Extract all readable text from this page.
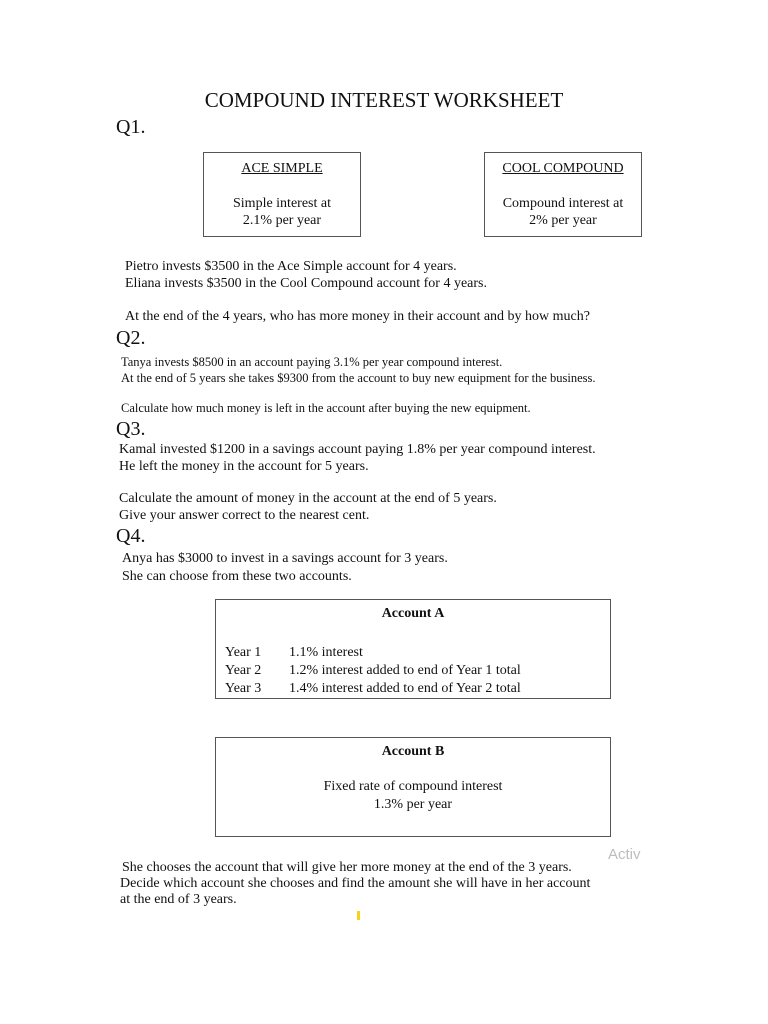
COMPOUND INTEREST WORKSHEET
Q1.
ACE SIMPLE
Simple interest at
2.1% per year
COOL COMPOUND
Compound interest at
2% per year
Pietro invests $3500 in the Ace Simple account for 4 years.
Eliana invests $3500 in the Cool Compound account for 4 years.
At the end of the 4 years, who has more money in their account and by how much?
Q2.
Tanya invests $8500 in an account paying 3.1% per year compound interest.
At the end of 5 years she takes $9300 from the account to buy new equipment for the business.
Calculate how much money is left in the account after buying the new equipment.
Q3.
Kamal invested $1200 in a savings account paying 1.8% per year compound interest.
He left the money in the account for 5 years.
Calculate the amount of money in the account at the end of 5 years.
Give your answer correct to the nearest cent.
Q4.
Anya has $3000 to invest in a savings account for 3 years.
She can choose from these two accounts.
Account A
Year 1 1.1% interest
Year 2 1.2% interest added to end of Year 1 total
Year 3 1.4% interest added to end of Year 2 total
Account B
Fixed rate of compound interest
1.3% per year
Activ
She chooses the account that will give her more money at the end of the 3 years.
Decide which account she chooses and find the amount she will have in her account
at the end of 3 years.
